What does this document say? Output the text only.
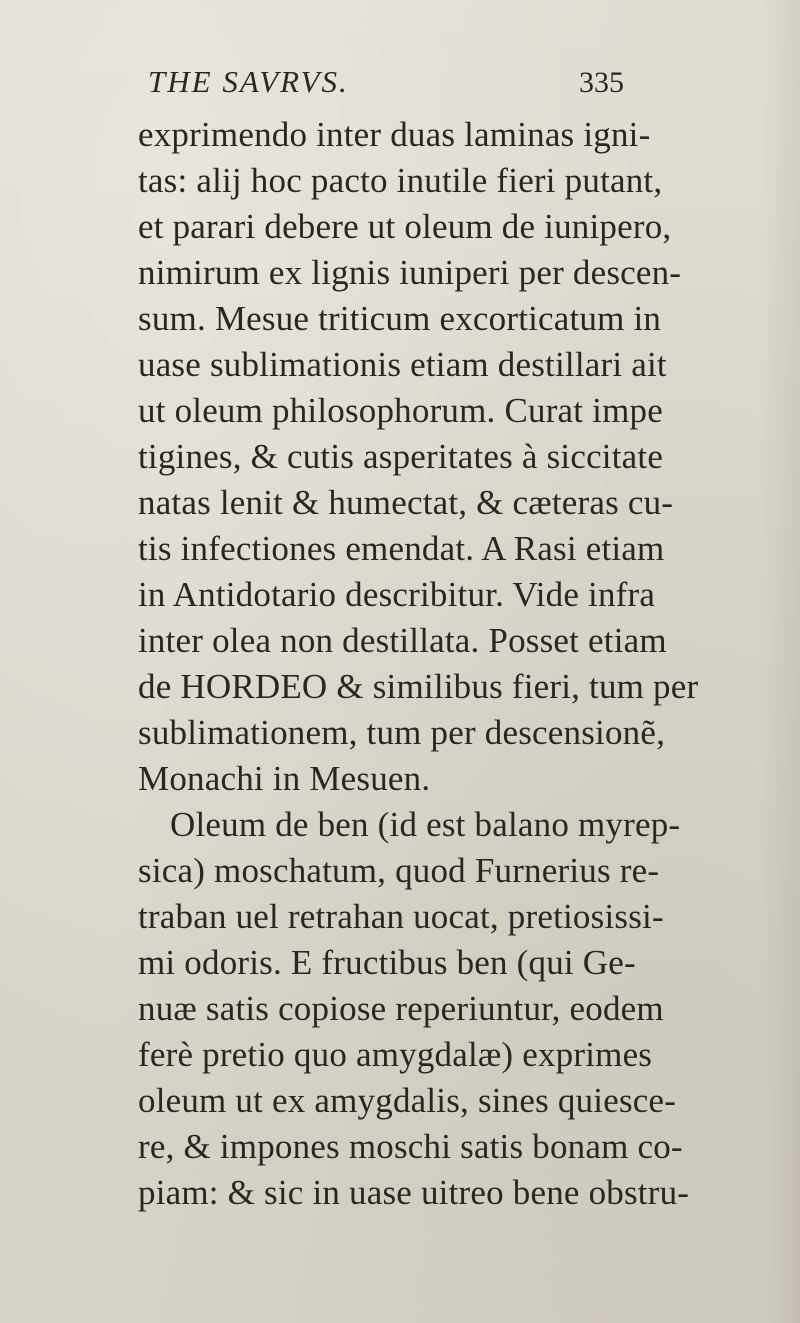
THE SAVRVS.	335
exprimendo inter duas laminas igni-
tas: alij hoc pacto inutile fieri putant,
et parari debere ut oleum de iunipero,
nimirum ex lignis iuniperi per descen-
sum. Mesue triticum excorticatum in
uase sublimationis etiam destillari ait
ut oleum philosophorum. Curat impe
tigines, & cutis asperitates à siccitate
natas lenit & humectat, & cæteras cu-
tis infectiones emendat. A Rasi etiam
in Antidotario describitur. Vide infra
inter olea non destillata. Posset etiam
de HORDEO & similibus fieri, tum per
sublimationem, tum per descensionẽ,
Monachi in Mesuen.
Oleum de ben (id est balano myrep-
sica) moschatum, quod Furnerius re-
traban uel retrahan uocat, pretiosissi-
mi odoris. E fructibus ben (qui Ge-
nuæ satis copiose reperiuntur, eodem
ferè pretio quo amygdalæ) exprimes
oleum ut ex amygdalis, sines quiesce-
re, & impones moschi satis bonam co-
piam: & sic in uase uitreo bene obstru-
